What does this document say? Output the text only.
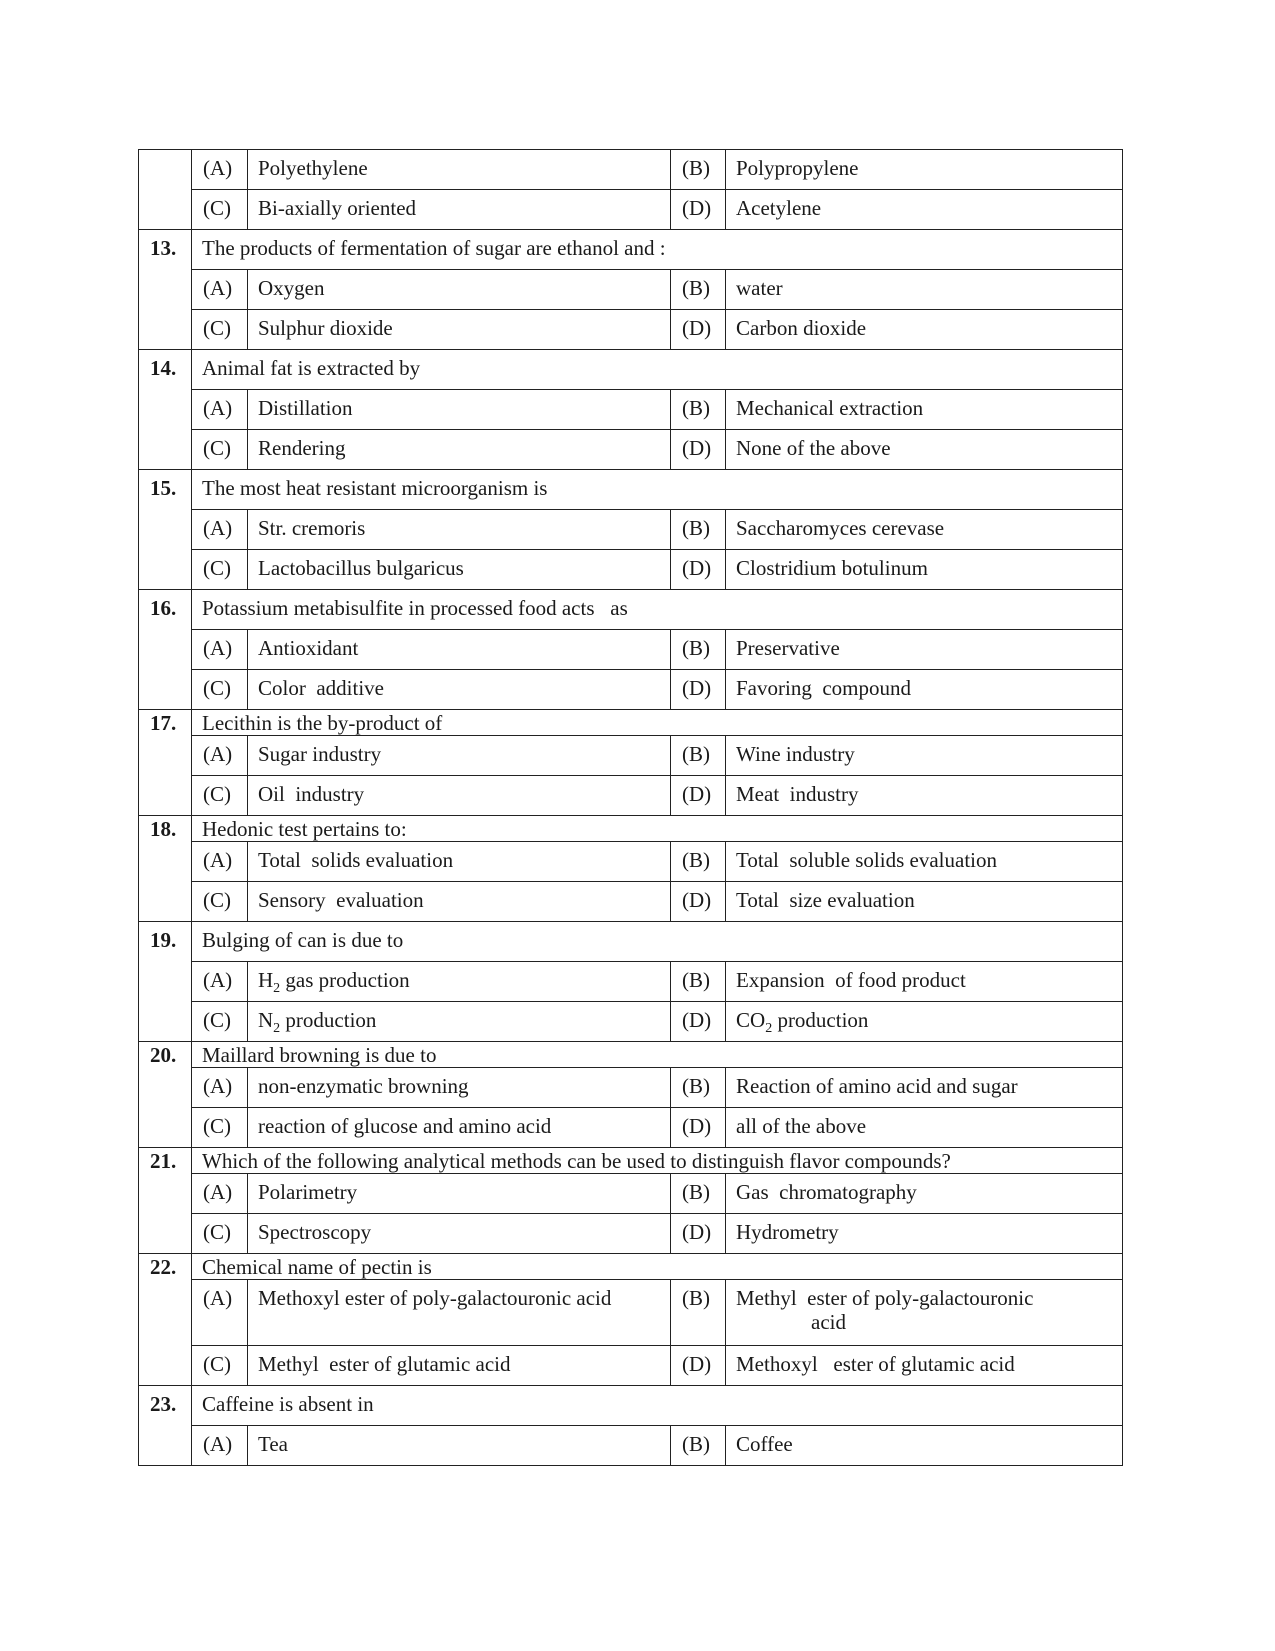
	(A)	Polyethylene	(B)	Polypropylene
	(C)	Bi-axially oriented	(D)	Acetylene
13.	The products of fermentation of sugar are ethanol and :			
	(A)	Oxygen	(B)	water
	(C)	Sulphur dioxide	(D)	Carbon dioxide
14.	Animal fat is extracted by			
	(A)	Distillation	(B)	Mechanical extraction
	(C)	Rendering	(D)	None of the above
15.	The most heat resistant microorganism is			
	(A)	Str. cremoris	(B)	Saccharomyces cerevase
	(C)	Lactobacillus bulgaricus	(D)	Clostridium botulinum
16.	Potassium metabisulfite in processed food acts   as			
	(A)	Antioxidant	(B)	Preservative
	(C)	Color  additive	(D)	Favoring  compound
17.	Lecithin is the by-product of			
	(A)	Sugar industry	(B)	Wine industry
	(C)	Oil  industry	(D)	Meat  industry
18.	Hedonic test pertains to:			
	(A)	Total  solids evaluation	(B)	Total  soluble solids evaluation
	(C)	Sensory  evaluation	(D)	Total  size evaluation
19.	Bulging of can is due to			
	(A)	$H_2$ gas production	(B)	Expansion  of food product
	(C)	$N_2$ production	(D)	$CO_2$ production
20.	Maillard browning is due to			
	(A)	non-enzymatic browning	(B)	Reaction of amino acid and sugar
	(C)	reaction of glucose and amino acid	(D)	all of the above
21.	Which of the following analytical methods can be used to distinguish flavor compounds?			
	(A)	Polarimetry	(B)	Gas  chromatography
	(C)	Spectroscopy	(D)	Hydrometry
22.	Chemical name of pectin is			
	(A)	Methoxyl ester of poly-galactouronic acid	(B)	Methyl  ester of poly-galactouronic
acid

	(C)	Methyl  ester of glutamic acid	(D)	Methoxyl   ester of glutamic acid
23.	Caffeine is absent in			
	(A)	Tea	(B)	Coffee
